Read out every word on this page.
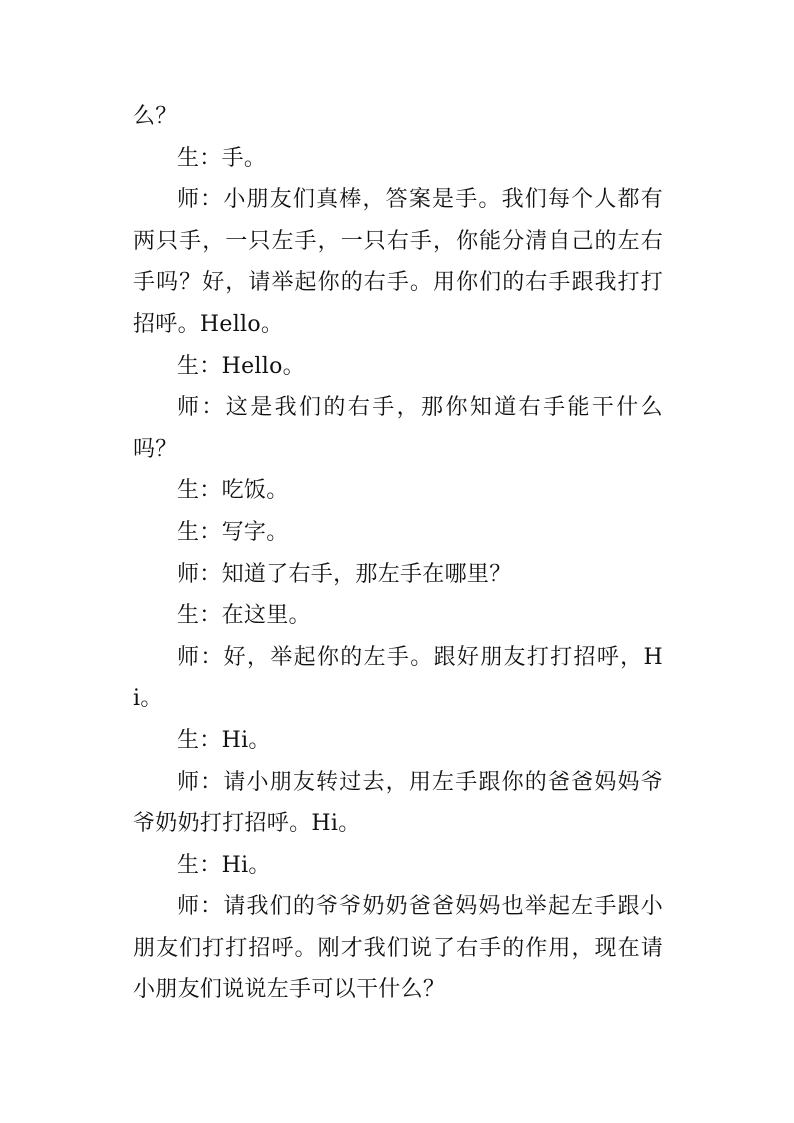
么？

生：手。

师：小朋友们真棒，答案是手。我们每个人都有两只手，一只左手，一只右手，你能分清自己的左右手吗？好，请举起你的右手。用你们的右手跟我打打招呼。Hello。

生：Hello。

师：这是我们的右手，那你知道右手能干什么吗？

生：吃饭。

生：写字。

师：知道了右手，那左手在哪里？

生：在这里。

师：好，举起你的左手。跟好朋友打打招呼，Hi。

生：Hi。

师：请小朋友转过去，用左手跟你的爸爸妈妈爷爷奶奶打打招呼。Hi。

生：Hi。

师：请我们的爷爷奶奶爸爸妈妈也举起左手跟小朋友们打打招呼。刚才我们说了右手的作用，现在请小朋友们说说左手可以干什么？
